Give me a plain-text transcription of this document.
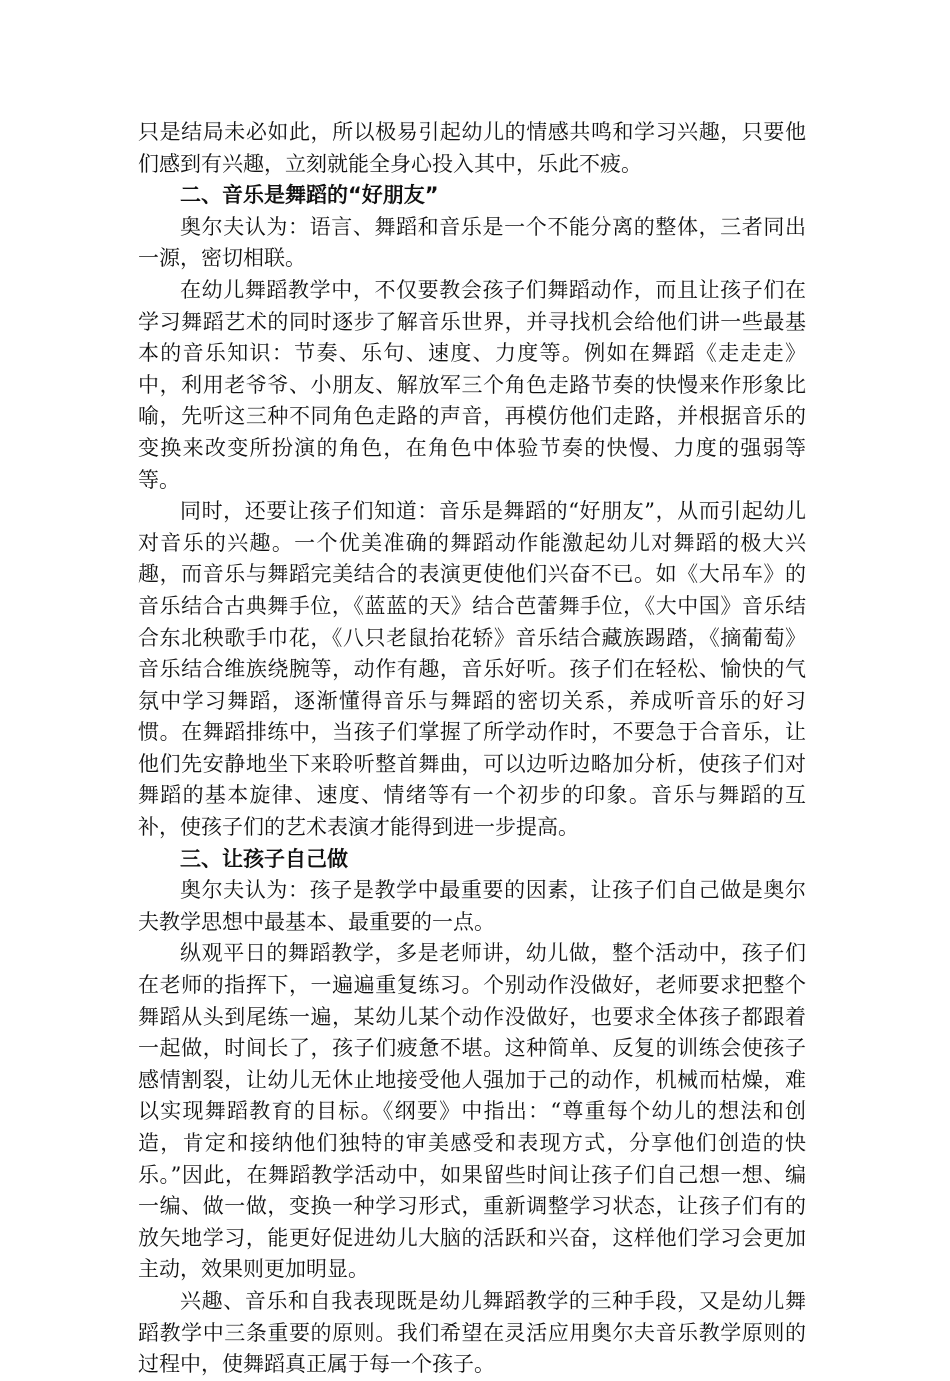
只是结局未必如此，所以极易引起幼儿的情感共鸣和学习兴趣，只要他们感到有兴趣，立刻就能全身心投入其中，乐此不疲。

二、音乐是舞蹈的“好朋友”

奥尔夫认为：语言、舞蹈和音乐是一个不能分离的整体，三者同出一源，密切相联。

在幼儿舞蹈教学中，不仅要教会孩子们舞蹈动作，而且让孩子们在学习舞蹈艺术的同时逐步了解音乐世界，并寻找机会给他们讲一些最基本的音乐知识：节奏、乐句、速度、力度等。例如在舞蹈《走走走》中，利用老爷爷、小朋友、解放军三个角色走路节奏的快慢来作形象比喻，先听这三种不同角色走路的声音，再模仿他们走路，并根据音乐的变换来改变所扮演的角色，在角色中体验节奏的快慢、力度的强弱等等。

同时，还要让孩子们知道：音乐是舞蹈的“好朋友”，从而引起幼儿对音乐的兴趣。一个优美准确的舞蹈动作能激起幼儿对舞蹈的极大兴趣，而音乐与舞蹈完美结合的表演更使他们兴奋不已。如《大吊车》的音乐结合古典舞手位，《蓝蓝的天》结合芭蕾舞手位，《大中国》音乐结合东北秧歌手巾花，《八只老鼠抬花轿》音乐结合藏族踢踏，《摘葡萄》音乐结合维族绕腕等，动作有趣，音乐好听。孩子们在轻松、愉快的气氛中学习舞蹈，逐渐懂得音乐与舞蹈的密切关系，养成听音乐的好习惯。在舞蹈排练中，当孩子们掌握了所学动作时，不要急于合音乐，让他们先安静地坐下来聆听整首舞曲，可以边听边略加分析，使孩子们对舞蹈的基本旋律、速度、情绪等有一个初步的印象。音乐与舞蹈的互补，使孩子们的艺术表演才能得到进一步提高。

三、让孩子自己做

奥尔夫认为：孩子是教学中最重要的因素，让孩子们自己做是奥尔夫教学思想中最基本、最重要的一点。

纵观平日的舞蹈教学，多是老师讲，幼儿做，整个活动中，孩子们在老师的指挥下，一遍遍重复练习。个别动作没做好，老师要求把整个舞蹈从头到尾练一遍，某幼儿某个动作没做好，也要求全体孩子都跟着一起做，时间长了，孩子们疲惫不堪。这种简单、反复的训练会使孩子感情割裂，让幼儿无休止地接受他人强加于己的动作，机械而枯燥，难以实现舞蹈教育的目标。《纲要》中指出：“尊重每个幼儿的想法和创造，肯定和接纳他们独特的审美感受和表现方式，分享他们创造的快乐。”因此，在舞蹈教学活动中，如果留些时间让孩子们自己想一想、编一编、做一做，变换一种学习形式，重新调整学习状态，让孩子们有的放矢地学习，能更好促进幼儿大脑的活跃和兴奋，这样他们学习会更加主动，效果则更加明显。

兴趣、音乐和自我表现既是幼儿舞蹈教学的三种手段，又是幼儿舞蹈教学中三条重要的原则。我们希望在灵活应用奥尔夫音乐教学原则的过程中，使舞蹈真正属于每一个孩子。
